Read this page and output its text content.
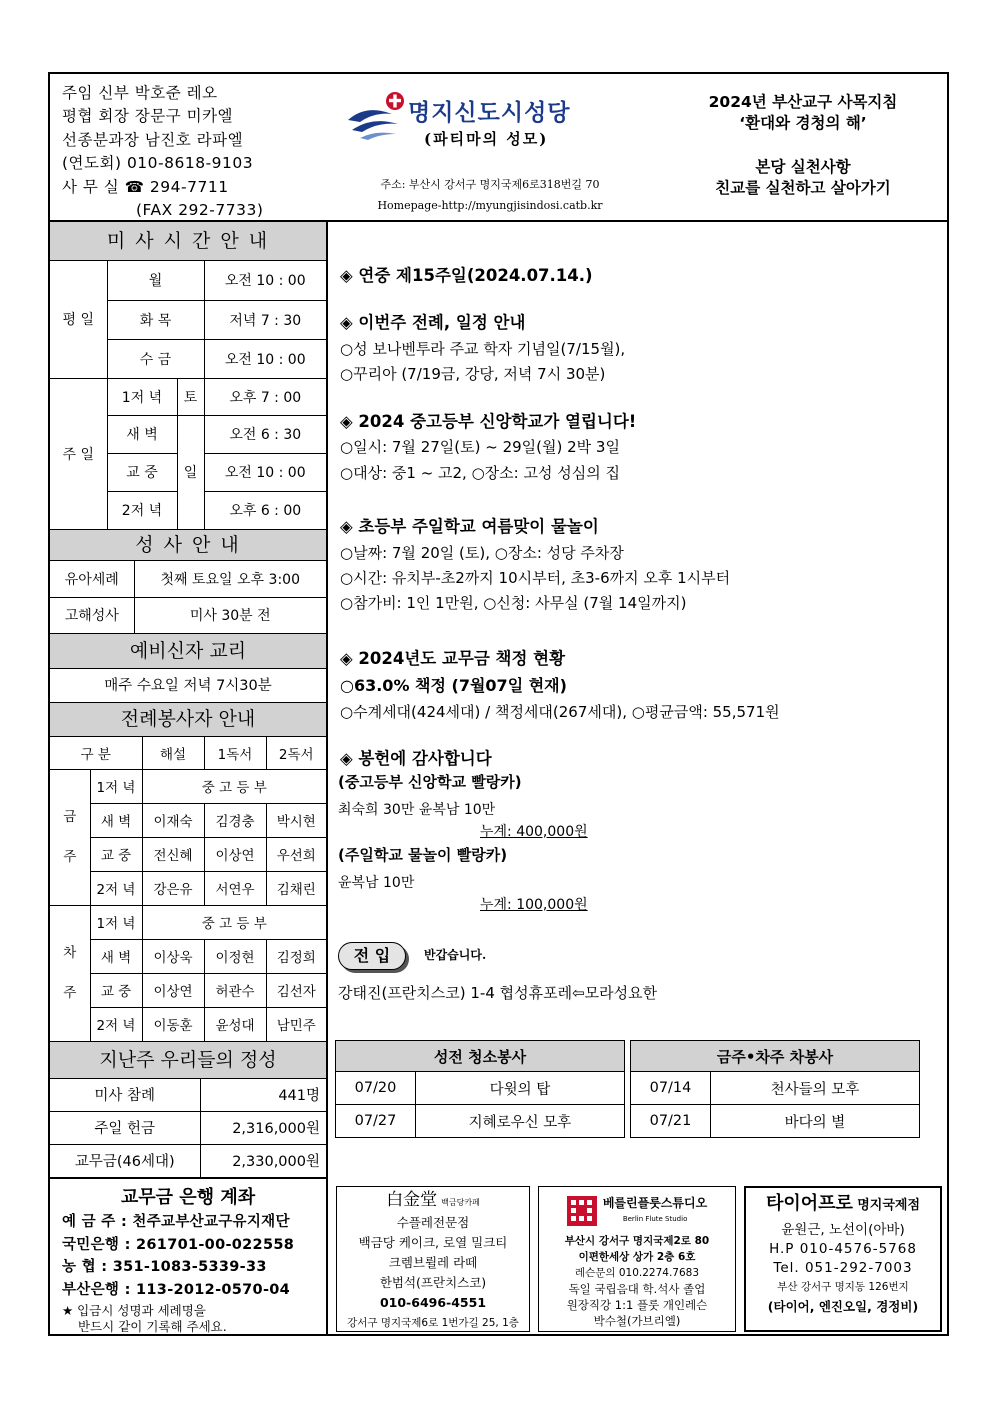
주임 신부 박호준 레오
평협 회장 장문구 미카엘
선종분과장 남진호 라파엘
(연도회) 010-8618-9103
사 무 실 ☎ 294-7711
(FAX 292-7733)
명지신도시성당
(파티마의 성모)
주소: 부산시 강서구 명지국제6로318번길 70
Homepage-http://myungjisindosi.catb.kr
2024년 부산교구 사목지침
‘환대와 경청의 해’
본당 실천사항
친교를 실천하고 살아가기
미 사 시 간 안 내
평 일	월		오전 10 : 00
	화 목		저녁 7 : 30
	수 금		오전 10 : 00
주 일	1저 녁	토	오후 7 : 00
	새 벽	일	오전 6 : 30
	교 중		오전 10 : 00
	2저 녁		오후 6 : 00
성 사 안 내
유아세례	첫째 토요일 오후 3:00
고해성사	미사 30분 전
예비신자 교리
매주 수요일 저녁 7시30분
전례봉사자 안내
구 분		해설	1독서	2독서
금
주	1저 녁	중 고 등 부		
	새 벽	이재숙	김경충	박시현
	교 중	전신혜	이상연	우선희
	2저 녁	강은유	서연우	김채린
차
주	1저 녁	중 고 등 부		
	새 벽	이상욱	이정현	김정희
	교 중	이상연	허관수	김선자
	2저 녁	이동훈	윤성대	남민주
지난주 우리들의 정성
미사 참례	441명
주일 헌금	2,316,000원
교무금(46세대)	2,330,000원
교무금 은행 계좌
예 금 주 : 천주교부산교구유지재단
국민은행 : 261701-00-022558
농 협 : 351-1083-5339-33
부산은행 : 113-2012-0570-04
★ 입금시 성명과 세례명을
반드시 같이 기록해 주세요.
◈ 연중 제15주일(2024.07.14.)
◈ 이번주 전례, 일정 안내
○성 보나벤투라 주교 학자 기념일(7/15월),
○꾸리아 (7/19금, 강당, 저녁 7시 30분)
◈ 2024 중고등부 신앙학교가 열립니다!
○일시: 7월 27일(토) ~ 29일(월) 2박 3일
○대상: 중1 ~ 고2, ○장소: 고성 성심의 집
◈ 초등부 주일학교 여름맞이 물놀이
○날짜: 7월 20일 (토), ○장소: 성당 주차장
○시간: 유치부-초2까지 10시부터, 초3-6까지 오후 1시부터
○참가비: 1인 1만원, ○신청: 사무실 (7월 14일까지)
◈ 2024년도 교무금 책정 현황
○63.0% 책정 (7월07일 현재)
○수계세대(424세대) / 책정세대(267세대), ○평균금액: 55,571원
◈ 봉헌에 감사합니다
(중고등부 신앙학교 빨랑카)
최숙희 30만 윤복남 10만
누계: 400,000원
(주일학교 물놀이 빨랑카)
윤복남 10만
누계: 100,000원
전 입	반갑습니다.
강태진(프란치스코) 1-4 협성휴포레⇦모라성요한
성전 청소봉사	
07/20	다윗의 탑
07/27	지혜로우신 모후
금주•차주 차봉사	
07/14	천사들의 모후
07/21	바다의 별
白金堂 백금당카페
수플레전문점
백금당 케이크, 로열 밀크티
크렘브륄레 라떼
한범석(프란치스코)
010-6496-4551
강서구 명지국제6로 1번가길 25, 1층
베를린플룻스튜디오
Berlin Flute Studio
부산시 강서구 명지국제2로 80
이편한세상 상가 2층 6호
레슨문의 010.2274.7683
독일 국립음대 학.석사 졸업
원장직강 1:1 플룻 개인레슨
박수철(가브리엘)
타이어프로 명지국제점
윤원근, 노선이(아바)
H.P 010-4576-5768
Tel. 051-292-7003
부산 강서구 명지동 126번지
(타이어, 엔진오일, 경정비)
